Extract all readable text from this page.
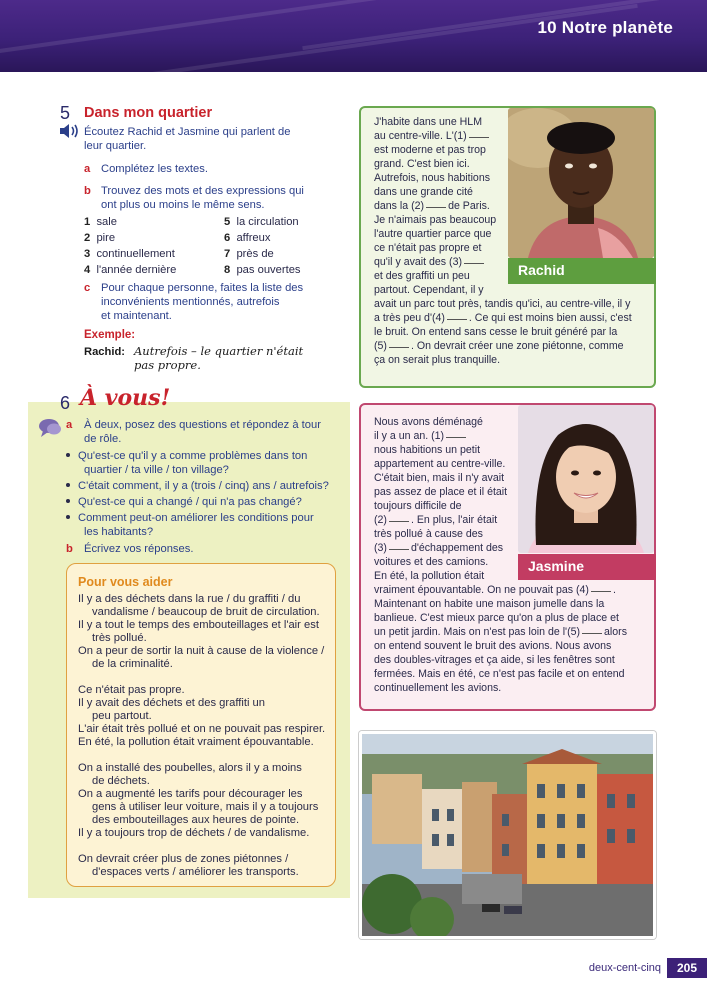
10 Notre planète
5 Dans mon quartier
Écoutez Rachid et Jasmine qui parlent de
leur quartier.
a Complétez les textes.
b Trouvez des mots et des expressions qui
ont plus ou moins le même sens.
1 sale
2 pire
3 continuellement
4 l'année dernière
5 la circulation
6 affreux
7 près de
8 pas ouvertes
c Pour chaque personne, faites la liste des
inconvénients mentionnés, autrefois
et maintenant.
Exemple:
Rachid: Autrefois – le quartier n'était
pas propre.
Rachid
J'habite dans une HLM
au centre-ville. L'(1)
est moderne et pas trop
grand. C'est bien ici.
Autrefois, nous habitions
dans une grande cité
dans la (2) de Paris.
Je n'aimais pas beaucoup
l'autre quartier parce que
ce n'était pas propre et
qu'il y avait des (3)
et des graffiti un peu
partout. Cependant, il y
avait un parc tout près, tandis qu'ici, au centre-ville, il y
a très peu d'(4) . Ce qui est moins bien aussi, c'est
le bruit. On entend sans cesse le bruit généré par la
(5) . On devrait créer une zone piétonne, comme
ça on serait plus tranquille.
6 À vous!
a À deux, posez des questions et répondez à tour
de rôle.
Qu'est-ce qu'il y a comme problèmes dans ton
quartier / ta ville / ton village?
C'était comment, il y a (trois / cinq) ans / autrefois?
Qu'est-ce qui a changé / qui n'a pas changé?
Comment peut-on améliorer les conditions pour
les habitants?
b Écrivez vos réponses.
Pour vous aider
Il y a des déchets dans la rue / du graffiti / du
vandalisme / beaucoup de bruit de circulation.
Il y a tout le temps des embouteillages et l'air est
très pollué.
On a peur de sortir la nuit à cause de la violence /
de la criminalité.
Ce n'était pas propre.
Il y avait des déchets et des graffiti un
peu partout.
L'air était très pollué et on ne pouvait pas respirer.
En été, la pollution était vraiment épouvantable.
On a installé des poubelles, alors il y a moins
de déchets.
On a augmenté les tarifs pour décourager les
gens à utiliser leur voiture, mais il y a toujours
des embouteillages aux heures de pointe.
Il y a toujours trop de déchets / de vandalisme.
On devrait créer plus de zones piétonnes /
d'espaces verts / améliorer les transports.
Jasmine
Nous avons déménagé
il y a un an. (1)
nous habitions un petit
appartement au centre-ville.
C'était bien, mais il n'y avait
pas assez de place et il était
toujours difficile de
(2) . En plus, l'air était
très pollué à cause des
(3) d'échappement des
voitures et des camions.
En été, la pollution était
vraiment épouvantable. On ne pouvait pas (4) .
Maintenant on habite une maison jumelle dans la
banlieue. C'est mieux parce qu'on a plus de place et
un petit jardin. Mais on n'est pas loin de l'(5) alors
on entend souvent le bruit des avions. Nous avons
des doubles-vitrages et ça aide, si les fenêtres sont
fermées. Mais en été, ce n'est pas facile et on entend
continuellement les avions.
deux-cent-cinq	205
